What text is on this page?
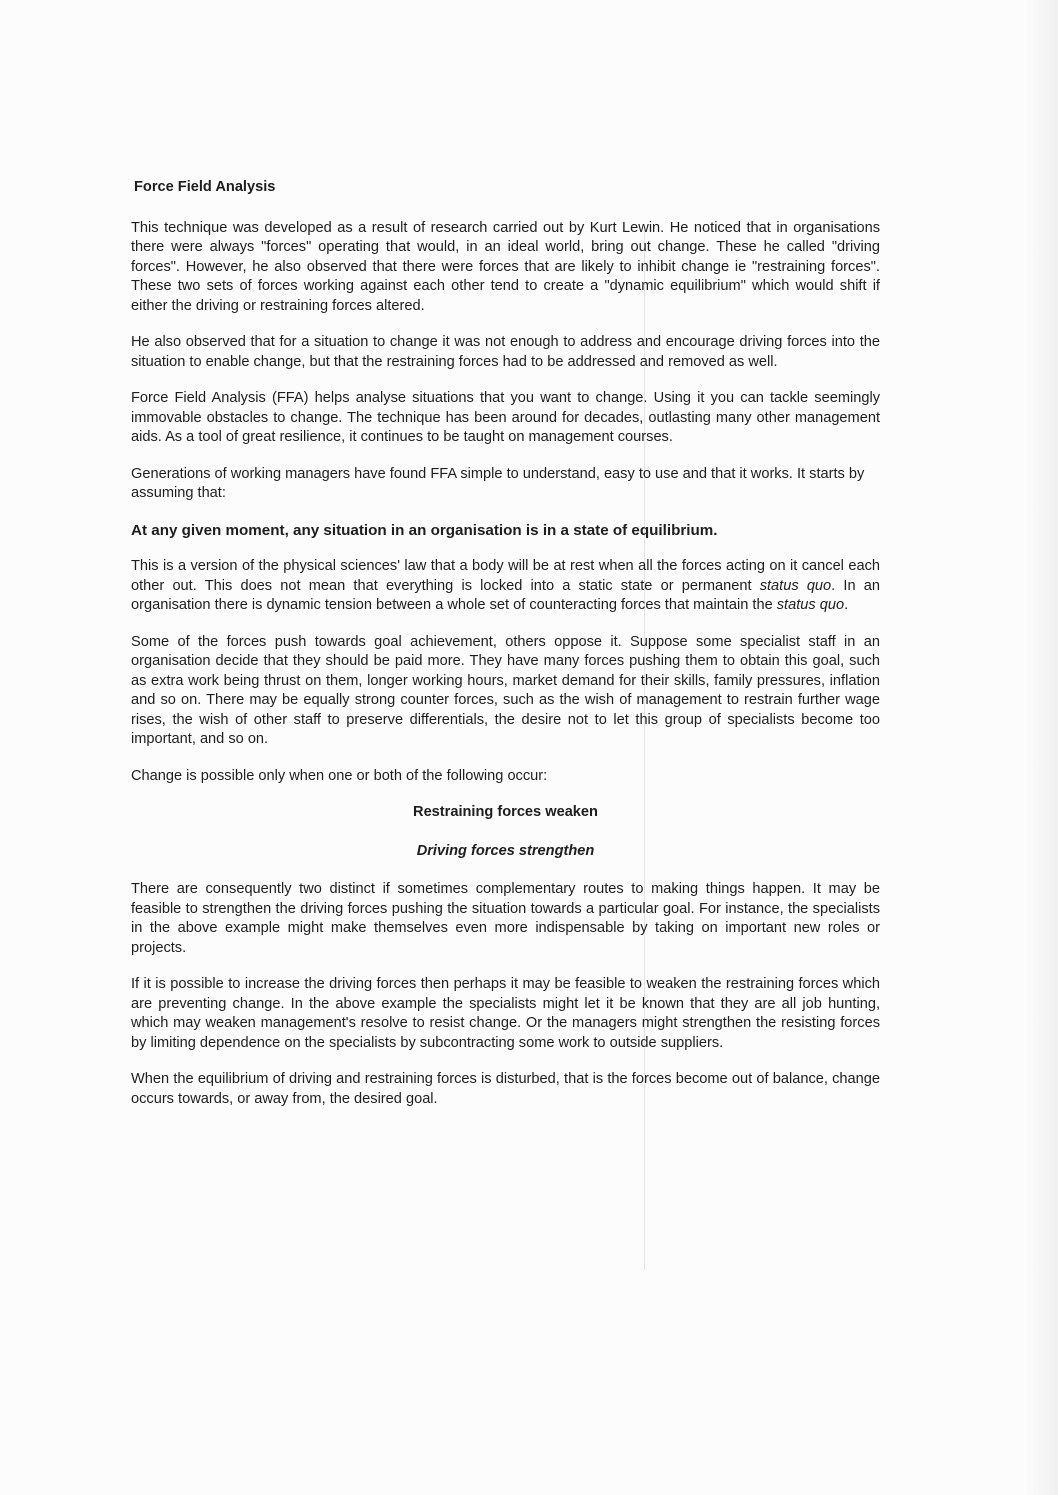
Force Field Analysis

This technique was developed as a result of research carried out by Kurt Lewin. He noticed that in organisations there were always "forces" operating that would, in an ideal world, bring out change. These he called "driving forces". However, he also observed that there were forces that are likely to inhibit change ie "restraining forces". These two sets of forces working against each other tend to create a "dynamic equilibrium" which would shift if either the driving or restraining forces altered.

He also observed that for a situation to change it was not enough to address and encourage driving forces into the situation to enable change, but that the restraining forces had to be addressed and removed as well.

Force Field Analysis (FFA) helps analyse situations that you want to change. Using it you can tackle seemingly immovable obstacles to change. The technique has been around for decades, outlasting many other management aids. As a tool of great resilience, it continues to be taught on management courses.

Generations of working managers have found FFA simple to understand, easy to use and that it works. It starts by assuming that:

At any given moment, any situation in an organisation is in a state of equilibrium.

This is a version of the physical sciences' law that a body will be at rest when all the forces acting on it cancel each other out. This does not mean that everything is locked into a static state or permanent status quo. In an organisation there is dynamic tension between a whole set of counteracting forces that maintain the status quo.

Some of the forces push towards goal achievement, others oppose it. Suppose some specialist staff in an organisation decide that they should be paid more. They have many forces pushing them to obtain this goal, such as extra work being thrust on them, longer working hours, market demand for their skills, family pressures, inflation and so on. There may be equally strong counter forces, such as the wish of management to restrain further wage rises, the wish of other staff to preserve differentials, the desire not to let this group of specialists become too important, and so on.

Change is possible only when one or both of the following occur:

Restraining forces weaken
Driving forces strengthen

There are consequently two distinct if sometimes complementary routes to making things happen. It may be feasible to strengthen the driving forces pushing the situation towards a particular goal. For instance, the specialists in the above example might make themselves even more indispensable by taking on important new roles or projects.

If it is possible to increase the driving forces then perhaps it may be feasible to weaken the restraining forces which are preventing change. In the above example the specialists might let it be known that they are all job hunting, which may weaken management's resolve to resist change. Or the managers might strengthen the resisting forces by limiting dependence on the specialists by subcontracting some work to outside suppliers.

When the equilibrium of driving and restraining forces is disturbed, that is the forces become out of balance, change occurs towards, or away from, the desired goal.
